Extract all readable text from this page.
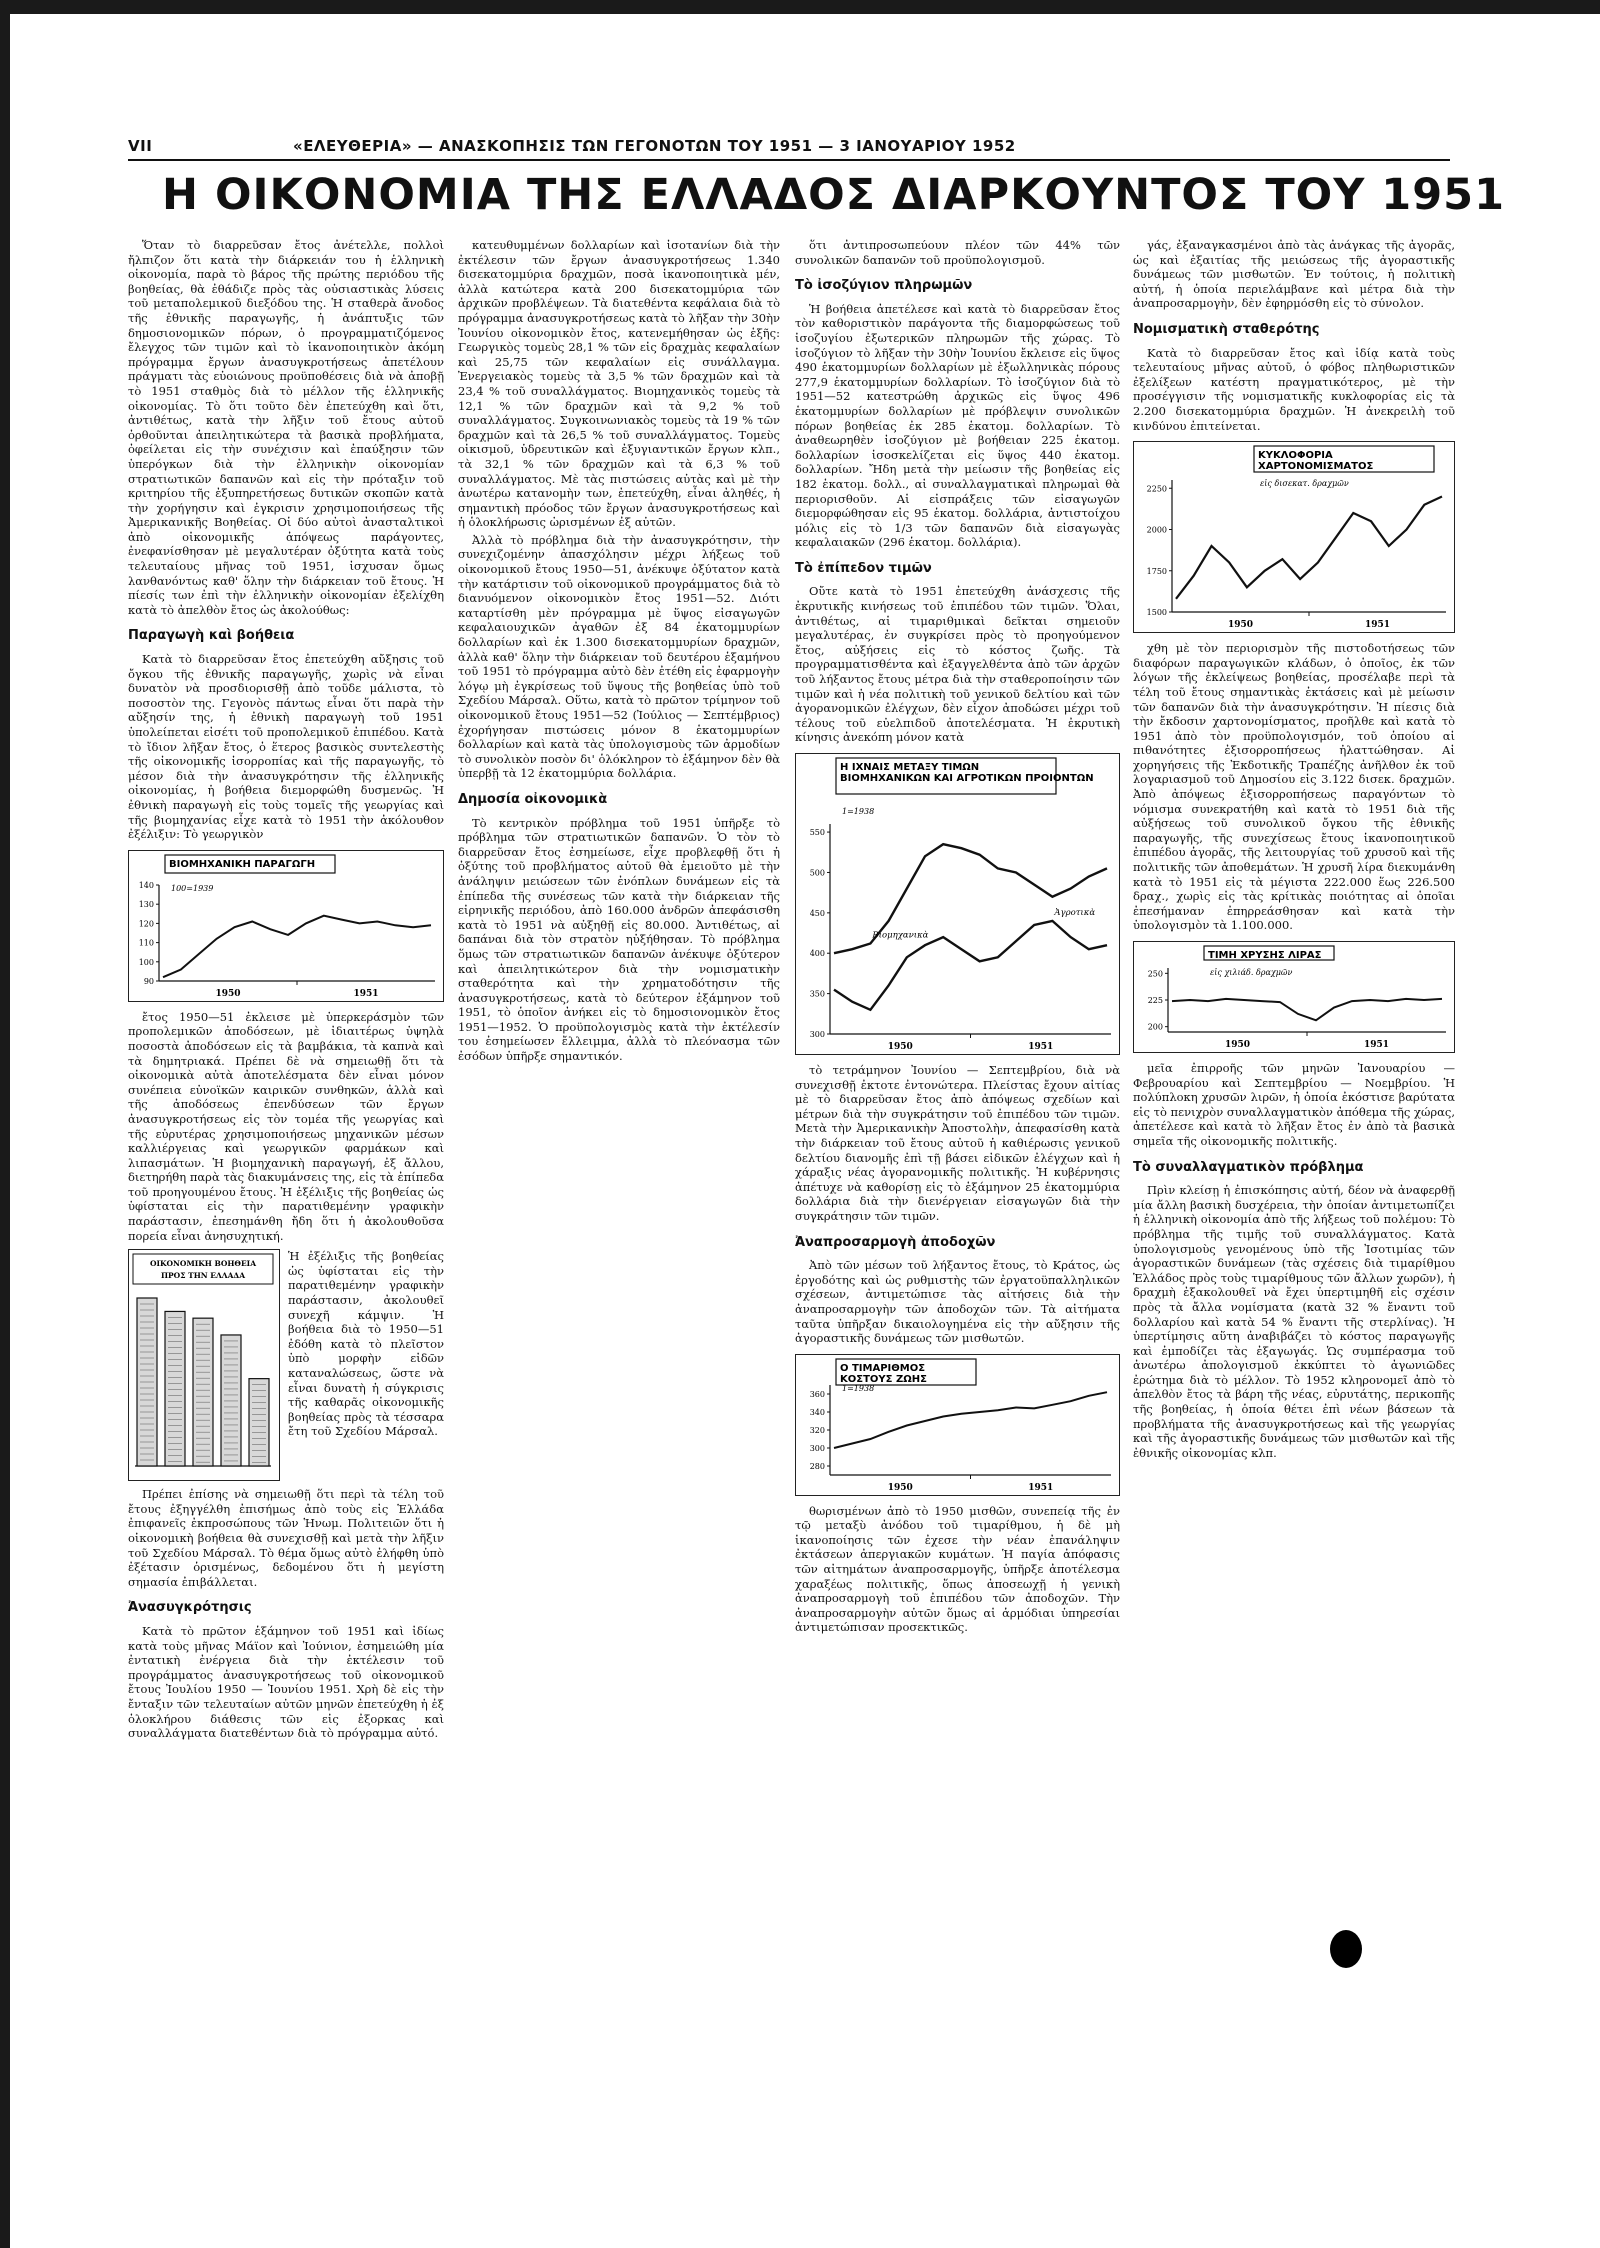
VII	«ΕΛΕΥΘΕΡΙΑ» — ΑΝΑΣΚΟΠΗΣΙΣ ΤΩΝ ΓΕΓΟΝΟΤΩΝ ΤΟΥ 1951 — 3 ΙΑΝΟΥΑΡΙΟΥ 1952
Η ΟΙΚΟΝΟΜΙΑ ΤΗΣ ΕΛΛΑΔΟΣ ΔΙΑΡΚΟΥΝΤΟΣ ΤΟΥ 1951

Ὅταν τὸ διαρρεῦσαν ἔτος ἀνέτελλε, πολλοὶ ἤλπιζον ὅτι κατὰ τὴν διάρκειάν του ἡ ἑλληνικὴ οἰκονομία, παρὰ τὸ βάρος τῆς πρώτης περιόδου τῆς βοηθείας, θὰ ἐθάδιζε πρὸς τὰς οὐσιαστικὰς λύσεις τοῦ μεταπολεμικοῦ διεξόδου της. Ἡ σταθερὰ ἄνοδος τῆς ἐθνικῆς παραγωγῆς, ἡ ἀνάπτυξις τῶν δημοσιονομικῶν πόρων, ὁ προγραμματιζόμενος ἔλεγχος τῶν τιμῶν καὶ τὸ ἱκανοποιητικὸν ἀκόμη πρόγραμμα ἔργων ἀνασυγκροτήσεως ἀπετέλουν πράγματι τὰς εὐοιώνους προϋποθέσεις διὰ νὰ ἀποβῇ τὸ 1951 σταθμὸς διὰ τὸ μέλλον τῆς ἑλληνικῆς οἰκονομίας. Τὸ ὅτι τοῦτο δὲν ἐπετεύχθη καὶ ὅτι, ἀντιθέτως, κατὰ τὴν λῆξιν τοῦ ἔτους αὐτοῦ ὀρθοῦνται ἀπειλητικώτερα τὰ βασικὰ προβλήματα, ὀφείλεται εἰς τὴν συνέχισιν καὶ ἐπαύξησιν τῶν ὑπερόγκων διὰ τὴν ἑλληνικὴν οἰκονομίαν στρατιωτικῶν δαπανῶν καὶ εἰς τὴν πρόταξιν τοῦ κριτηρίου τῆς ἐξυπηρετήσεως δυτικῶν σκοπῶν κατὰ τὴν χορήγησιν καὶ ἐγκρισιν χρησιμοποιήσεως τῆς Ἀμερικανικῆς Βοηθείας. Οἱ δύο αὐτοὶ ἀνασταλτικοὶ ἀπὸ οἰκονομικῆς ἀπόψεως παράγοντες, ἐνεφανίσθησαν μὲ μεγαλυτέραν ὀξύτητα κατὰ τοὺς τελευταίους μῆνας τοῦ 1951, ἰσχυσαν ὅμως λανθανόντως καθ' ὅλην τὴν διάρκειαν τοῦ ἔτους. Ἡ πίεσίς των ἐπὶ τὴν ἑλληνικὴν οἰκονομίαν ἐξελίχθη κατὰ τὸ ἀπελθὸν ἔτος ὡς ἀκολούθως:

Παραγωγὴ καὶ βοήθεια

Κατὰ τὸ διαρρεῦσαν ἔτος ἐπετεύχθη αὔξησις τοῦ ὄγκου τῆς ἐθνικῆς παραγωγῆς, χωρὶς νὰ εἶναι δυνατὸν νὰ προσδιορισθῇ ἀπὸ τοῦδε μάλιστα, τὸ ποσοστὸν της. Γεγονὸς πάντως εἶναι ὅτι παρὰ τὴν αὔξησίν της, ἡ ἐθνικὴ παραγωγὴ τοῦ 1951 ὑπολείπεται εἰσέτι τοῦ προπολεμικοῦ ἐπιπέδου. Κατὰ τὸ ἴδιον λῆξαν ἔτος, ὁ ἕτερος βασικὸς συντελεστὴς τῆς οἰκονομικῆς ἰσορροπίας καὶ τῆς παραγωγῆς, τὸ μέσον διὰ τὴν ἀνασυγκρότησιν τῆς ἑλληνικῆς οἰκονομίας, ἡ βοήθεια διεμορφώθη δυσμενῶς. Ἡ ἐθνικὴ παραγωγὴ εἰς τοὺς τομεῖς τῆς γεωργίας καὶ τῆς βιομηχανίας εἶχε κατὰ τὸ 1951 τὴν ἀκόλουθον ἐξέλιξιν: Τὸ γεωργικὸν

ΒΙΟΜΗΧΑΝΙΚΗ ΠΑΡΑΓΩΓΗ
100=1939
140
130
120
110
100
90
1950	1951

ἔτος 1950—51 ἐκλεισε μὲ ὑπερκεράσμὸν τῶν προπολεμικῶν ἀποδόσεων, μὲ ἰδιαιτέρως ὑψηλὰ ποσοστὰ ἀποδόσεων εἰς τὰ βαμβάκια, τὰ καπνὰ καὶ τὰ δημητριακά. Πρέπει δὲ νὰ σημειωθῇ ὅτι τὰ οἰκονομικὰ αὐτὰ ἀποτελέσματα δὲν εἶναι μόνον συνέπεια εὐνοϊκῶν καιρικῶν συνθηκῶν, ἀλλὰ καὶ τῆς ἀποδόσεως ἐπενδύσεων τῶν ἔργων ἀνασυγκροτήσεως εἰς τὸν τομέα τῆς γεωργίας καὶ τῆς εὐρυτέρας χρησιμοποιήσεως μηχανικῶν μέσων καλλιέργειας καὶ γεωργικῶν φαρμάκων καὶ λιπασμάτων. Ἡ βιομηχανικὴ παραγωγή, ἐξ ἄλλου, διετηρήθη παρὰ τὰς διακυμάνσεις της, εἰς τὰ ἐπίπεδα τοῦ προηγουμένου ἔτους. Ἡ ἐξέλιξις τῆς βοηθείας ὡς ὑφίσταται εἰς τὴν παρατιθεμένην γραφικὴν παράστασιν, ἐπεσημάνθη ἤδη ὅτι ἡ ἀκολουθοῦσα πορεία εἶναι ἀνησυχητική.

ΟΙΚΟΝΟΜΙΚΗ ΒΟΗΘΕΙΑ
ΠΡΟΣ ΤΗΝ ΕΛΛΑΔΑ

Ἡ ἐξέλιξις τῆς βοηθείας ὡς ὑφίσταται εἰς τὴν παρατιθεμένην γραφικὴν παράστασιν, ἀκολουθεῖ συνεχῆ κάμψιν. Ἡ βοήθεια διὰ τὸ 1950—51 ἐδόθη κατὰ τὸ πλεῖστον ὑπὸ μορφὴν εἰδῶν καταναλώσεως, ὥστε νὰ εἶναι δυνατὴ ἡ σύγκρισις τῆς καθαρᾶς οἰκονομικῆς βοηθείας πρὸς τὰ τέσσαρα ἔτη τοῦ Σχεδίου Μάρσαλ.

Πρέπει ἐπίσης νὰ σημειωθῇ ὅτι περὶ τὰ τέλη τοῦ ἔτους ἐξηγγέλθη ἐπισήμως ἀπὸ τοὺς εἰς Ἑλλάδα ἐπιφανεῖς ἐκπροσώπους τῶν Ἡνωμ. Πολιτειῶν ὅτι ἡ οἰκονομικὴ βοήθεια θὰ συνεχισθῇ καὶ μετὰ τὴν λῆξιν τοῦ Σχεδίου Μάρσαλ. Τὸ θέμα ὅμως αὐτὸ ἐλήφθη ὑπὸ ἐξέτασιν ὁρισμένως, δεδομένου ὅτι ἡ μεγίστη σημασία ἐπιβάλλεται.

Ἀνασυγκρότησις

Κατὰ τὸ πρῶτον ἑξάμηνον τοῦ 1951 καὶ ἰδίως κατὰ τοὺς μῆνας Μάϊον καὶ Ἰούνιον, ἐσημειώθη μία ἐντατικὴ ἐνέργεια διὰ τὴν ἐκτέλεσιν τοῦ προγράμματος ἀνασυγκροτήσεως τοῦ οἰκονομικοῦ ἔτους Ἰουλίου 1950 — Ἰουνίου 1951. Χρὴ δὲ εἰς τὴν ἔνταξιν τῶν τελευταίων αὐτῶν μηνῶν ἐπετεύχθη ἡ ἐξ ὁλοκλήρου διάθεσις τῶν εἰς ἐξορκας καὶ συναλλάγματα διατεθέντων διὰ τὸ πρόγραμμα αὐτό.

κατευθυμμένων δολλαρίων καὶ ἰσοτανίων διὰ τὴν ἐκτέλεσιν τῶν ἔργων ἀνασυγκροτήσεως 1.340 δισεκατομμύρια δραχμῶν, ποσὰ ἱκανοποιητικὰ μέν, ἀλλὰ κατώτερα κατὰ 200 δισεκατομμύρια τῶν ἀρχικῶν προβλέψεων. Τὰ διατεθέντα κεφάλαια διὰ τὸ πρόγραμμα ἀνασυγκροτήσεως κατὰ τὸ λῆξαν τὴν 30ὴν Ἰουνίου οἰκονομικὸν ἔτος, κατενεμήθησαν ὡς ἑξῆς: Γεωργικὸς τομεὺς 28,1 % τῶν εἰς δραχμὰς κεφαλαίων καὶ 25,75 τῶν κεφαλαίων εἰς συνάλλαγμα. Ἐνεργειακὸς τομεὺς τὰ 3,5 % τῶν δραχμῶν καὶ τὰ 23,4 % τοῦ συναλλάγματος. Βιομηχανικὸς τομεὺς τὰ 12,1 % τῶν δραχμῶν καὶ τὰ 9,2 % τοῦ συναλλάγματος. Συγκοινωνιακὸς τομεὺς τὰ 19 % τῶν δραχμῶν καὶ τὰ 26,5 % τοῦ συναλλάγματος. Τομεὺς οἰκισμοῦ, ὑδρευτικῶν καὶ ἐξυγιαντικῶν ἔργων κλπ., τὰ 32,1 % τῶν δραχμῶν καὶ τὰ 6,3 % τοῦ συναλλάγματος. Μὲ τὰς πιστώσεις αὐτὰς καὶ μὲ τὴν ἀνωτέρω κατανομὴν των, ἐπετεύχθη, εἶναι ἀληθές, ἡ σημαντικὴ πρόοδος τῶν ἔργων ἀνασυγκροτήσεως καὶ ἡ ὁλοκλήρωσις ὡρισμένων ἐξ αὐτῶν.

Ἀλλὰ τὸ πρόβλημα διὰ τὴν ἀνασυγκρότησιν, τὴν συνεχιζομένην ἀπασχόλησιν μέχρι λήξεως τοῦ οἰκονομικοῦ ἔτους 1950—51, ἀνέκυψε ὀξύτατον κατὰ τὴν κατάρτισιν τοῦ οἰκονομικοῦ προγράμματος διὰ τὸ διανυόμενον οἰκονομικὸν ἔτος 1951—52. Διότι καταρτίσθη μὲν πρόγραμμα μὲ ὕψος εἰσαγωγῶν κεφαλαιουχικῶν ἀγαθῶν ἐξ 84 ἑκατομμυρίων δολλαρίων καὶ ἐκ 1.300 δισεκατομμυρίων δραχμῶν, ἀλλὰ καθ' ὅλην τὴν διάρκειαν τοῦ δευτέρου ἑξαμήνου τοῦ 1951 τὸ πρόγραμμα αὐτὸ δὲν ἐτέθη εἰς ἐφαρμογὴν λόγῳ μὴ ἐγκρίσεως τοῦ ὕψους τῆς βοηθείας ὑπὸ τοῦ Σχεδίου Μάρσαλ. Οὕτω, κατὰ τὸ πρῶτον τρίμηνον τοῦ οἰκονομικοῦ ἔτους 1951—52 (Ἰούλιος — Σεπτέμβριος) ἐχορήγησαν πιστώσεις μόνον 8 ἑκατομμυρίων δολλαρίων καὶ κατὰ τὰς ὑπολογισμοὺς τῶν ἀρμοδίων τὸ συνολικὸν ποσὸν δι' ὁλόκληρον τὸ ἑξάμηνον δὲν θὰ ὑπερβῇ τὰ 12 ἑκατομμύρια δολλάρια.

Δημοσία οἰκονομικὰ

Τὸ κεντρικὸν πρόβλημα τοῦ 1951 ὑπῆρξε τὸ πρόβλημα τῶν στρατιωτικῶν δαπανῶν. Ὁ τὸν τὸ διαρρεῦσαν ἔτος ἐσημείωσε, εἶχε προβλεφθῇ ὅτι ἡ ὀξύτης τοῦ προβλήματος αὐτοῦ θὰ ἐμειοῦτο μὲ τὴν ἀνάληψιν μειώσεων τῶν ἐνόπλων δυνάμεων εἰς τὰ ἐπίπεδα τῆς συνέσεως τῶν κατὰ τὴν διάρκειαν τῆς εἰρηνικῆς περιόδου, ἀπὸ 160.000 ἀνδρῶν ἀπεφάσισθη κατὰ τὸ 1951 νὰ αὐξηθῇ εἰς 80.000. Ἀντιθέτως, αἱ δαπάναι διὰ τὸν στρατὸν ηὐξήθησαν. Τὸ πρόβλημα ὅμως τῶν στρατιωτικῶν δαπανῶν ἀνέκυψε ὀξύτερον καὶ ἀπειλητικώτερον διὰ τὴν νομισματικὴν σταθερότητα καὶ τὴν χρηματοδότησιν τῆς ἀνασυγκροτήσεως, κατὰ τὸ δεύτερον ἑξάμηνον τοῦ 1951, τὸ ὁποῖον ἀνήκει εἰς τὸ δημοσιονομικὸν ἔτος 1951—1952. Ὁ προϋπολογισμὸς κατὰ τὴν ἐκτέλεσίν του ἐσημείωσεν ἔλλειμμα, ἀλλὰ τὸ πλεόνασμα τῶν ἐσόδων ὑπῆρξε σημαντικόν.

ὅτι ἀντιπροσωπεύουν πλέον τῶν 44% τῶν συνολικῶν δαπανῶν τοῦ προϋπολογισμοῦ.

Τὸ ἰσοζύγιον πληρωμῶν

Ἡ βοήθεια ἀπετέλεσε καὶ κατὰ τὸ διαρρεῦσαν ἔτος τὸν καθοριστικὸν παράγοντα τῆς διαμορφώσεως τοῦ ἰσοζυγίου ἐξωτερικῶν πληρωμῶν τῆς χώρας. Τὸ ἰσοζύγιον τὸ λῆξαν τὴν 30ὴν Ἰουνίου ἔκλεισε εἰς ὕψος 490 ἑκατομμυρίων δολλαρίων μὲ ἐξωλληνικὰς πόρους 277,9 ἑκατομμυρίων δολλαρίων. Τὸ ἰσοζύγιον διὰ τὸ 1951—52 κατεστρώθη ἀρχικῶς εἰς ὕψος 496 ἑκατομμυρίων δολλαρίων μὲ πρόβλεψιν συνολικῶν πόρων βοηθείας ἐκ 285 ἑκατομ. δολλαρίων. Τὸ ἀναθεωρηθὲν ἰσοζύγιον μὲ βοήθειαν 225 ἑκατομ. δολλαρίων ἰσοσκελίζεται εἰς ὕψος 440 ἑκατομ. δολλαρίων. Ἤδη μετὰ τὴν μείωσιν τῆς βοηθείας εἰς 182 ἑκατομ. δολλ., αἱ συναλλαγματικαὶ πληρωμαὶ θὰ περιορισθοῦν. Αἱ εἰσπράξεις τῶν εἰσαγωγῶν διεμορφώθησαν εἰς 95 ἑκατομ. δολλάρια, ἀντιστοίχου μόλις εἰς τὸ 1/3 τῶν δαπανῶν διὰ εἰσαγωγὰς κεφαλαιακῶν (296 ἑκατομ. δολλάρια).

Τὸ ἐπίπεδον τιμῶν

Οὔτε κατὰ τὸ 1951 ἐπετεύχθη ἀνάσχεσις τῆς ἐκρυτικῆς κινήσεως τοῦ ἐπιπέδου τῶν τιμῶν. Ὅλαι, ἀντιθέτως, αἱ τιμαριθμικαὶ δεῖκται σημειοῦν μεγαλυτέρας, ἐν συγκρίσει πρὸς τὸ προηγούμενον ἔτος, αὐξήσεις εἰς τὸ κόστος ζωῆς. Τὰ προγραμματισθέντα καὶ ἐξαγγελθέντα ἀπὸ τῶν ἀρχῶν τοῦ λήξαντος ἔτους μέτρα διὰ τὴν σταθεροποίησιν τῶν τιμῶν καὶ ἡ νέα πολιτικὴ τοῦ γενικοῦ δελτίου καὶ τῶν ἀγορανομικῶν ἐλέγχων, δὲν εἶχον ἀποδώσει μέχρι τοῦ τέλους τοῦ εὐελπιδοῦ ἀποτελέσματα. Ἡ ἐκρυτικὴ κίνησις ἀνεκόπη μόνον κατὰ

Η ΙΧΝΑΙΣ ΜΕΤΑΞΥ ΤΙΜΩΝ
ΒΙΟΜΗΧΑΝΙΚΩΝ ΚΑΙ ΑΓΡΟΤΙΚΩΝ ΠΡΟΙΟΝΤΩΝ
1=1938
550
500
450
400
350
300
1950	1951
Βιομηχανικὰ
Ἀγροτικὰ

τὸ τετράμηνον Ἰουνίου — Σεπτεμβρίου, διὰ νὰ συνεχισθῇ ἐκτοτε ἐντονώτερα. Πλείστας ἔχουν αἰτίας μὲ τὸ διαρρεῦσαν ἔτος ἀπὸ ἀπόψεως σχεδίων καὶ μέτρων διὰ τὴν συγκράτησιν τοῦ ἐπιπέδου τῶν τιμῶν. Μετὰ τὴν Ἀμερικανικὴν Ἀποστολὴν, ἀπεφασίσθη κατὰ τὴν διάρκειαν τοῦ ἔτους αὐτοῦ ἡ καθιέρωσις γενικοῦ δελτίου διανομῆς ἐπὶ τῇ βάσει εἰδικῶν ἐλέγχων καὶ ἡ χάραξις νέας ἀγορανομικῆς πολιτικῆς. Ἡ κυβέρνησις ἀπέτυχε νὰ καθορίσῃ εἰς τὸ ἑξάμηνον 25 ἑκατομμύρια δολλάρια διὰ τὴν διενέργειαν εἰσαγωγῶν διὰ τὴν συγκράτησιν τῶν τιμῶν.

Ἀναπροσαρμογὴ ἀποδοχῶν

Ἀπὸ τῶν μέσων τοῦ λήξαντος ἔτους, τὸ Κράτος, ὡς ἐργοδότης καὶ ὡς ρυθμιστὴς τῶν ἐργατοϋπαλληλικῶν σχέσεων, ἀντιμετώπισε τὰς αἰτήσεις διὰ τὴν ἀναπροσαρμογὴν τῶν ἀποδοχῶν τῶν. Τὰ αἰτήματα ταῦτα ὑπῆρξαν δικαιολογημένα εἰς τὴν αὔξησιν τῆς ἀγοραστικῆς δυνάμεως τῶν μισθωτῶν.

Ο ΤΙΜΑΡΙΘΜΟΣ
ΚΟΣΤΟΥΣ ΖΩΗΣ
1=1938
360
340
320
300
280
1950	1951

θωρισμένων ἀπὸ τὸ 1950 μισθῶν, συνεπείᾳ τῆς ἐν τῷ μεταξὺ ἀνόδου τοῦ τιμαρίθμου, ἡ δὲ μὴ ἱκανοποίησις τῶν ἐχεσε τὴν νέαν ἐπανάληψιν ἐκτάσεων ἀπεργιακῶν κυμάτων. Ἡ παγία ἀπόφασις τῶν αἰτημάτων ἀναπροσαρμογῆς, ὑπῆρξε ἀποτέλεσμα χαραξέως πολιτικῆς, ὅπως ἀποσεωχῇ ἡ γενικὴ ἀναπροσαρμογὴ τοῦ ἐπιπέδου τῶν ἀποδοχῶν. Τὴν ἀναπροσαρμογὴν αὐτῶν ὅμως αἱ ἁρμόδιαι ὑπηρεσίαι ἀντιμετώπισαν προσεκτικῶς.

γάς, ἐξαναγκασμένοι ἀπὸ τὰς ἀνάγκας τῆς ἀγορᾶς, ὡς καὶ ἐξαιτίας τῆς μειώσεως τῆς ἀγοραστικῆς δυνάμεως τῶν μισθωτῶν. Ἐν τούτοις, ἡ πολιτικὴ αὐτή, ἡ ὁποία περιελάμβανε καὶ μέτρα διὰ τὴν ἀναπροσαρμογὴν, δὲν ἐφηρμόσθη εἰς τὸ σύνολον.

Νομισματικὴ σταθερότης

Κατὰ τὸ διαρρεῦσαν ἔτος καὶ ἰδίᾳ κατὰ τοὺς τελευταίους μῆνας αὐτοῦ, ὁ φόβος πληθωριστικῶν ἐξελίξεων κατέστη πραγματικότερος, μὲ τὴν προσέγγισιν τῆς νομισματικῆς κυκλοφορίας εἰς τὰ 2.200 δισεκατομμύρια δραχμῶν. Ἡ ἀνεκρειλὴ τοῦ κινδύνου ἐπιτείνεται.

ΚΥΚΛΟΦΟΡΙΑ
ΧΑΡΤΟΝΟΜΙΣΜΑΤΟΣ
εἰς δισεκατ. δραχμῶν
2250
2000
1750
1500
1950	1951

χθη μὲ τὸν περιορισμὸν τῆς πιστοδοτήσεως τῶν διαφόρων παραγωγικῶν κλάδων, ὁ ὁποῖος, ἐκ τῶν λόγων τῆς ἐκλείψεως βοηθείας, προσέλαβε περὶ τὰ τέλη τοῦ ἔτους σημαντικὰς ἐκτάσεις καὶ μὲ μείωσιν τῶν δαπανῶν διὰ τὴν ἀνασυγκρότησιν. Ἡ πίεσις διὰ τὴν ἔκδοσιν χαρτονομίσματος, προῆλθε καὶ κατὰ τὸ 1951 ἀπὸ τὸν προϋπολογισμόν, τοῦ ὁποίου αἱ πιθανότητες ἐξισορροπήσεως ἠλαττώθησαν. Αἱ χορηγήσεις τῆς Ἐκδοτικῆς Τραπέζης ἀνῆλθον ἐκ τοῦ λογαριασμοῦ τοῦ Δημοσίου εἰς 3.122 δισεκ. δραχμῶν. Ἀπὸ ἀπόψεως ἐξισορροπήσεως παραγόντων τὸ νόμισμα συνεκρατήθη καὶ κατὰ τὸ 1951 διὰ τῆς αὐξήσεως τοῦ συνολικοῦ ὄγκου τῆς ἐθνικῆς παραγωγῆς, τῆς συνεχίσεως ἔτους ἱκανοποιητικοῦ ἐπιπέδου ἀγορᾶς, τῆς λειτουργίας τοῦ χρυσοῦ καὶ τῆς πολιτικῆς τῶν ἀποθεμάτων. Ἡ χρυσῆ λίρα διεκυμάνθη κατὰ τὸ 1951 εἰς τὰ μέγιστα 222.000 ἕως 226.500 δραχ., χωρὶς εἰς τὰς κρίτικὰς ποιότητας αἱ ὁποῖαι ἐπεσήμαναν ἐπηρρεάσθησαν καὶ κατὰ τὴν ὑπολογισμὸν τὰ 1.100.000.

ΤΙΜΗ ΧΡΥΣΗΣ ΛΙΡΑΣ
εἰς χιλιάδ. δραχμῶν
250
225
200
1950	1951

μεῖα ἐπιρροῆς τῶν μηνῶν Ἰανουαρίου — Φεβρουαρίου καὶ Σεπτεμβρίου — Νοεμβρίου. Ἡ πολύπλοκη χρυσῶν λιρῶν, ἡ ὁποία ἐκόστισε βαρύτατα εἰς τὸ πενιχρὸν συναλλαγματικὸν ἀπόθεμα τῆς χώρας, ἀπετέλεσε καὶ κατὰ τὸ λῆξαν ἔτος ἐν ἀπὸ τὰ βασικὰ σημεῖα τῆς οἰκονομικῆς πολιτικῆς.

Τὸ συναλλαγματικὸν πρόβλημα

Πρὶν κλείσῃ ἡ ἐπισκόπησις αὐτή, δέον νὰ ἀναφερθῇ μία ἄλλη βασικὴ δυσχέρεια, τὴν ὁποίαν ἀντιμετωπίζει ἡ ἑλληνικὴ οἰκονομία ἀπὸ τῆς λήξεως τοῦ πολέμου: Τὸ πρόβλημα τῆς τιμῆς τοῦ συναλλάγματος. Κατὰ ὑπολογισμοὺς γενομένους ὑπὸ τῆς Ἰσοτιμίας τῶν ἀγοραστικῶν δυνάμεων (τὰς σχέσεις διὰ τιμαρίθμου Ἑλλάδος πρὸς τοὺς τιμαρίθμους τῶν ἄλλων χωρῶν), ἡ δραχμὴ ἐξακολουθεῖ νὰ ἔχει ὑπερτιμηθῆ εἰς σχέσιν πρὸς τὰ ἄλλα νομίσματα (κατὰ 32 % ἔναντι τοῦ δολλαρίου καὶ κατὰ 54 % ἔναντι τῆς στερλίνας). Ἡ ὑπερτίμησις αὕτη ἀναβιβάζει τὸ κόστος παραγωγῆς καὶ ἐμποδίζει τὰς ἐξαγωγάς. Ὡς συμπέρασμα τοῦ ἀνωτέρω ἀπολογισμοῦ ἐκκύπτει τὸ ἀγωνιῶδες ἐρώτημα διὰ τὸ μέλλον. Τὸ 1952 κληρονομεῖ ἀπὸ τὸ ἀπελθὸν ἔτος τὰ βάρη τῆς νέας, εὐρυτάτης, περικοπῆς τῆς βοηθείας, ἡ ὁποία θέτει ἐπὶ νέων βάσεων τὰ προβλήματα τῆς ἀνασυγκροτήσεως καὶ τῆς γεωργίας καὶ τῆς ἀγοραστικῆς δυνάμεως τῶν μισθωτῶν καὶ τῆς ἐθνικῆς οἰκονομίας κλπ.
